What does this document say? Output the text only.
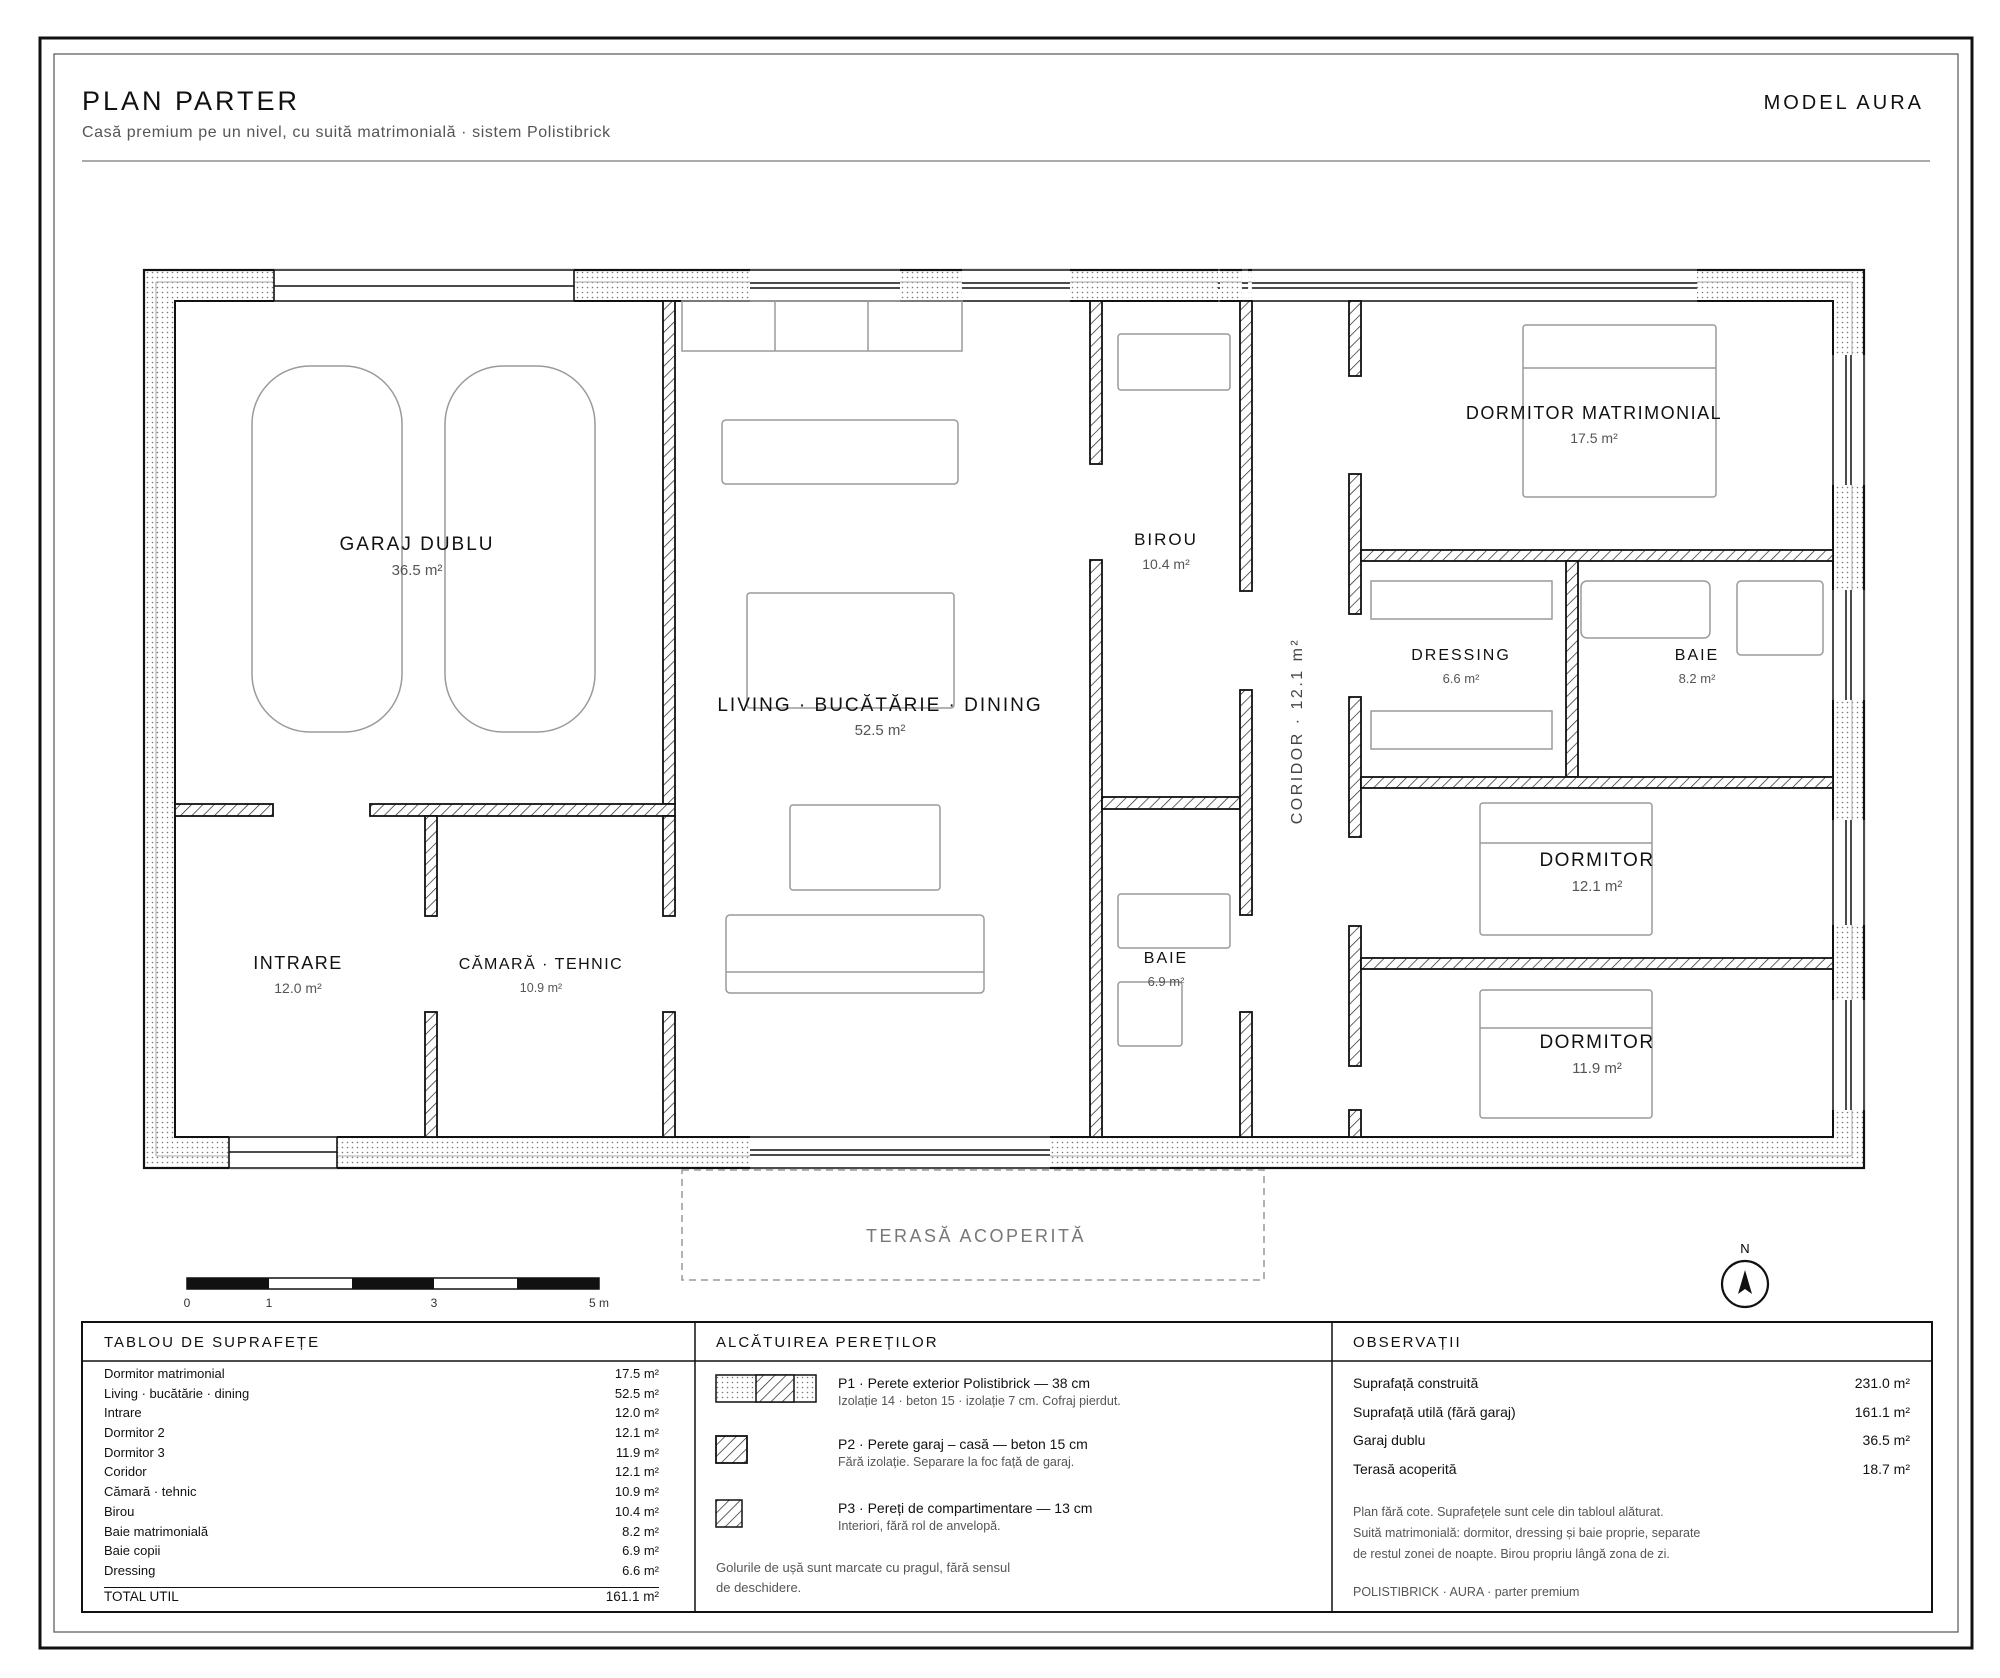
PLAN PARTER
Casă premium pe un nivel, cu suită matrimonială · sistem Polistibrick
MODEL AURA
GARAJ DUBLU
36.5 m²
LIVING · BUCĂTĂRIE · DINING
52.5 m²
BIROU
10.4 m²
DORMITOR MATRIMONIAL
17.5 m²
DRESSING
6.6 m²
BAIE
8.2 m²
INTRARE
12.0 m²
CĂMARĂ · TEHNIC
10.9 m²
BAIE
6.9 m²
CORIDOR · 12.1 m²
DORMITOR
12.1 m²
DORMITOR
11.9 m²
TERASĂ ACOPERITĂ
0	1	3	5 m
N
TABLOU DE SUPRAFEȚE
Dormitor matrimonial	17.5 m²
Living · bucătărie · dining	52.5 m²
Intrare	12.0 m²
Dormitor 2	12.1 m²
Dormitor 3	11.9 m²
Coridor	12.1 m²
Cămară · tehnic	10.9 m²
Birou	10.4 m²
Baie matrimonială	8.2 m²
Baie copii	6.9 m²
Dressing	6.6 m²
TOTAL UTIL	161.1 m²
ALCĂTUIREA PEREȚILOR
P1 · Perete exterior Polistibrick — 38 cm
Izolație 14 · beton 15 · izolație 7 cm. Cofraj pierdut.
P2 · Perete garaj – casă — beton 15 cm
Fără izolație. Separare la foc față de garaj.
P3 · Pereți de compartimentare — 13 cm
Interiori, fără rol de anvelopă.
Golurile de ușă sunt marcate cu pragul, fără sensul
de deschidere.
OBSERVAȚII
Suprafață construită	231.0 m²
Suprafață utilă (fără garaj)	161.1 m²
Garaj dublu	36.5 m²
Terasă acoperită	18.7 m²
Plan fără cote. Suprafețele sunt cele din tabloul alăturat.
Suită matrimonială: dormitor, dressing și baie proprie, separate
de restul zonei de noapte. Birou propriu lângă zona de zi.
POLISTIBRICK · AURA · parter premium
